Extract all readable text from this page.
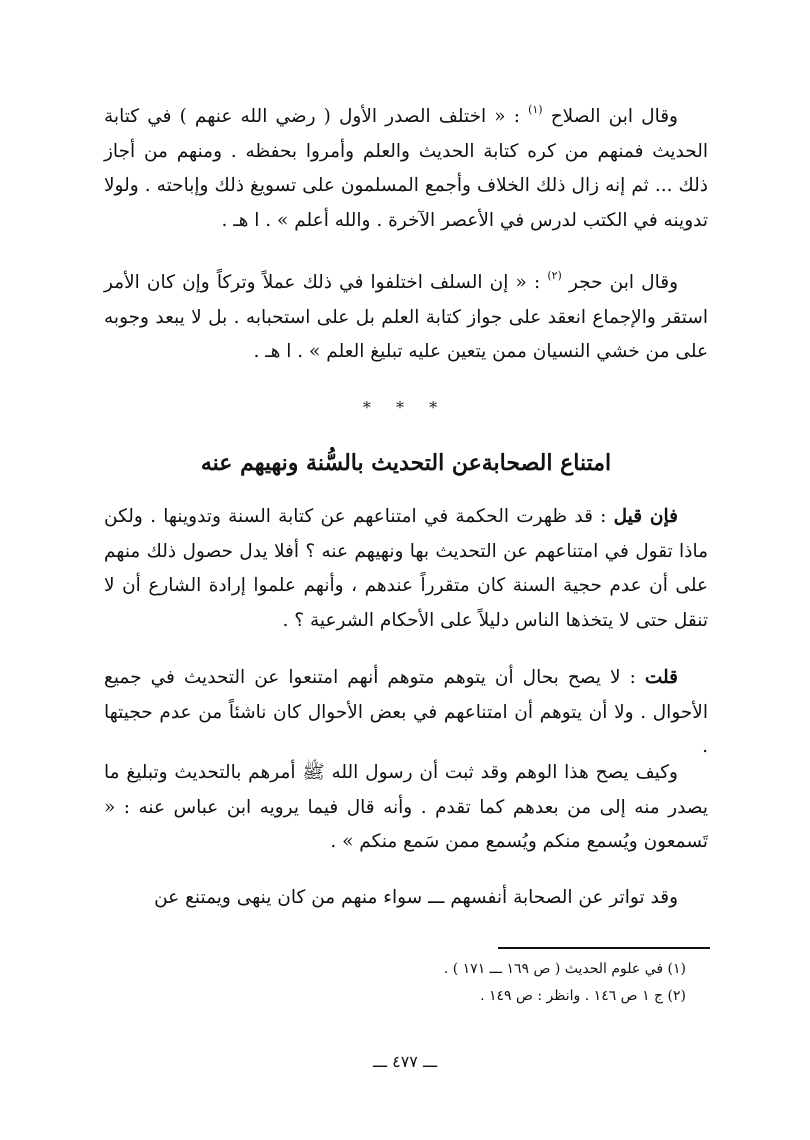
وقال ابن الصلاح $^{(١)}$ : « اختلف الصدر الأول ( رضي الله عنهم ) في كتابة الحديث فمنهم من كره كتابة الحديث والعلم وأمروا بحفظه . ومنهم من أجاز ذلك ... ثم إنه زال ذلك الخلاف وأجمع المسلمون على تسويغ ذلك وإباحته . ولولا تدوينه في الكتب لدرس في الأعصر الآخرة . والله أعلم » . ا هـ .

وقال ابن حجر $^{(٢)}$ : « إن السلف اختلفوا في ذلك عملاً وتركاً وإن كان الأمر استقر والإجماع انعقد على جواز كتابة العلم بل على استحبابه . بل لا يبعد وجوبه على من خشي النسيان ممن يتعين عليه تبليغ العلم » . ا هـ .

* * *
امتناع الصحابةعن التحديث بالسُّنة ونهيهم عنه

فإن قيل : قد ظهرت الحكمة في امتناعهم عن كتابة السنة وتدوينها . ولكن ماذا تقول في امتناعهم عن التحديث بها ونهيهم عنه ؟ أفلا يدل حصول ذلك منهم على أن عدم حجية السنة كان متقرراً عندهم ، وأنهم علموا إرادة الشارع أن لا تنقل حتى لا يتخذها الناس دليلاً على الأحكام الشرعية ؟ .

قلت : لا يصح بحال أن يتوهم متوهم أنهم امتنعوا عن التحديث في جميع الأحوال . ولا أن يتوهم أن امتناعهم في بعض الأحوال كان ناشئاً من عدم حجيتها .

وكيف يصح هذا الوهم وقد ثبت أن رسول الله ﷺ أمرهم بالتحديث وتبليغ ما يصدر منه إلى من بعدهم كما تقدم . وأنه قال فيما يرويه ابن عباس عنه : « تَسمعون ويُسمع منكم ويُسمع ممن سَمع منكم » .

وقد تواتر عن الصحابة أنفسهم ـــ سواء منهم من كان ينهى ويمتنع عن

(١) في علوم الحديث ( ص ١٦٩ ـــ ١٧١ ) .
(٢) ج ١ ص ١٤٦ . وانظر : ص ١٤٩ .
ـــ ٤٧٧ ـــ
